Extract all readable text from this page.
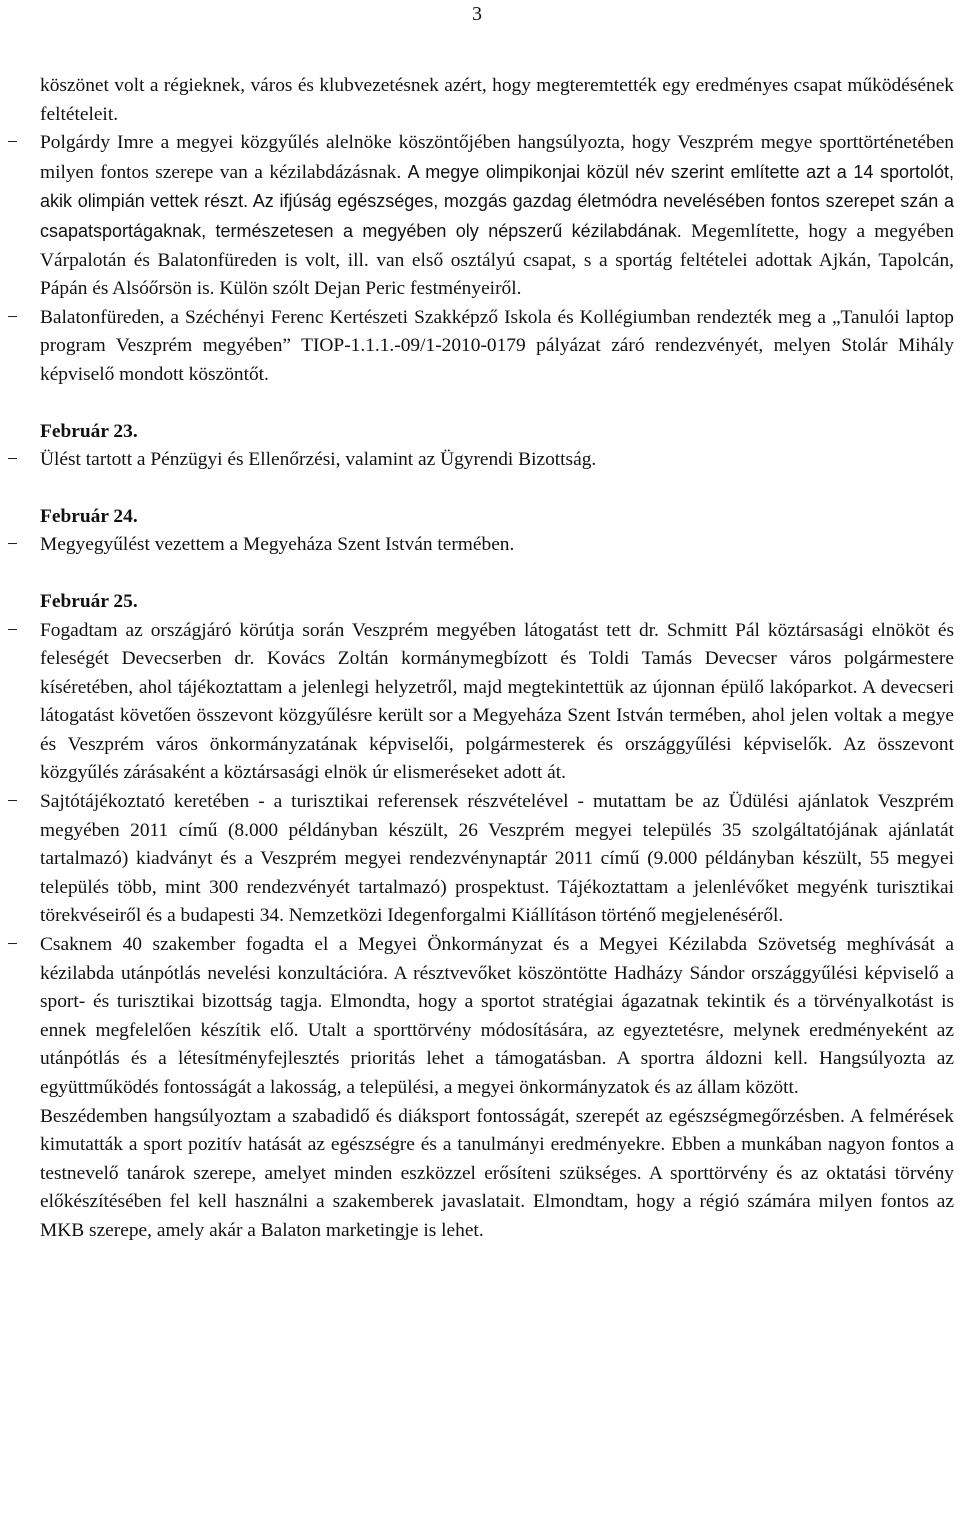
3

köszönet volt a régieknek, város és klubvezetésnek azért, hogy megteremtették egy eredményes csapat működésének feltételeit.

−	Polgárdy Imre a megyei közgyűlés alelnöke köszöntőjében hangsúlyozta, hogy Veszprém megye sporttörténetében milyen fontos szerepe van a kézilabdázásnak. A megye olimpikonjai közül név szerint említette azt a 14 sportolót, akik olimpián vettek részt. Az ifjúság egészséges, mozgás gazdag életmódra nevelésében fontos szerepet szán a csapatsportágaknak, természetesen a megyében oly népszerű kézilabdának. Megemlítette, hogy a megyében Várpalotán és Balatonfüreden is volt, ill. van első osztályú csapat, s a sportág feltételei adottak Ajkán, Tapolcán, Pápán és Alsóőrsön is. Külön szólt Dejan Peric festményeiről.
−	Balatonfüreden, a Széchényi Ferenc Kertészeti Szakképző Iskola és Kollégiumban rendezték meg a „Tanulói laptop program Veszprém megyében” TIOP-1.1.1.-09/1-2010-0179 pályázat záró rendezvényét, melyen Stolár Mihály képviselő mondott köszöntőt.

Február 23.

−	Ülést tartott a Pénzügyi és Ellenőrzési, valamint az Ügyrendi Bizottság.

Február 24.

−	Megyegyűlést vezettem a Megyeháza Szent István termében.

Február 25.

−	Fogadtam az országjáró körútja során Veszprém megyében látogatást tett dr. Schmitt Pál köztársasági elnököt és feleségét Devecserben dr. Kovács Zoltán kormánymegbízott és Toldi Tamás Devecser város polgármestere kíséretében, ahol tájékoztattam a jelenlegi helyzetről, majd megtekintettük az újonnan épülő lakóparkot. A devecseri látogatást követően összevont közgyűlésre került sor a Megyeháza Szent István termében, ahol jelen voltak a megye és Veszprém város önkormányzatának képviselői, polgármesterek és országgyűlési képviselők. Az összevont közgyűlés zárásaként a köztársasági elnök úr elismeréseket adott át.
−	Sajtótájékoztató keretében - a turisztikai referensek részvételével - mutattam be az Üdülési ajánlatok Veszprém megyében 2011 című (8.000 példányban készült, 26 Veszprém megyei település 35 szolgáltatójának ajánlatát tartalmazó) kiadványt és a Veszprém megyei rendezvénynaptár 2011 című (9.000 példányban készült, 55 megyei település több, mint 300 rendezvényét tartalmazó) prospektust. Tájékoztattam a jelenlévőket megyénk turisztikai törekvéseiről és a budapesti 34. Nemzetközi Idegenforgalmi Kiállításon történő megjelenéséről.
−	Csaknem 40 szakember fogadta el a Megyei Önkormányzat és a Megyei Kézilabda Szövetség meghívását a kézilabda utánpótlás nevelési konzultációra. A résztvevőket köszöntötte Hadházy Sándor országgyűlési képviselő a sport- és turisztikai bizottság tagja. Elmondta, hogy a sportot stratégiai ágazatnak tekintik és a törvényalkotást is ennek megfelelően készítik elő. Utalt a sporttörvény módosítására, az egyeztetésre, melynek eredményeként az utánpótlás és a létesítményfejlesztés prioritás lehet a támogatásban. A sportra áldozni kell. Hangsúlyozta az együttműködés fontosságát a lakosság, a települési, a megyei önkormányzatok és az állam között.

Beszédemben hangsúlyoztam a szabadidő és diáksport fontosságát, szerepét az egészségmegőrzésben. A felmérések kimutatták a sport pozitív hatását az egészségre és a tanulmányi eredményekre. Ebben a munkában nagyon fontos a testnevelő tanárok szerepe, amelyet minden eszközzel erősíteni szükséges. A sporttörvény és az oktatási törvény előkészítésében fel kell használni a szakemberek javaslatait. Elmondtam, hogy a régió számára milyen fontos az MKB szerepe, amely akár a Balaton marketingje is lehet.
